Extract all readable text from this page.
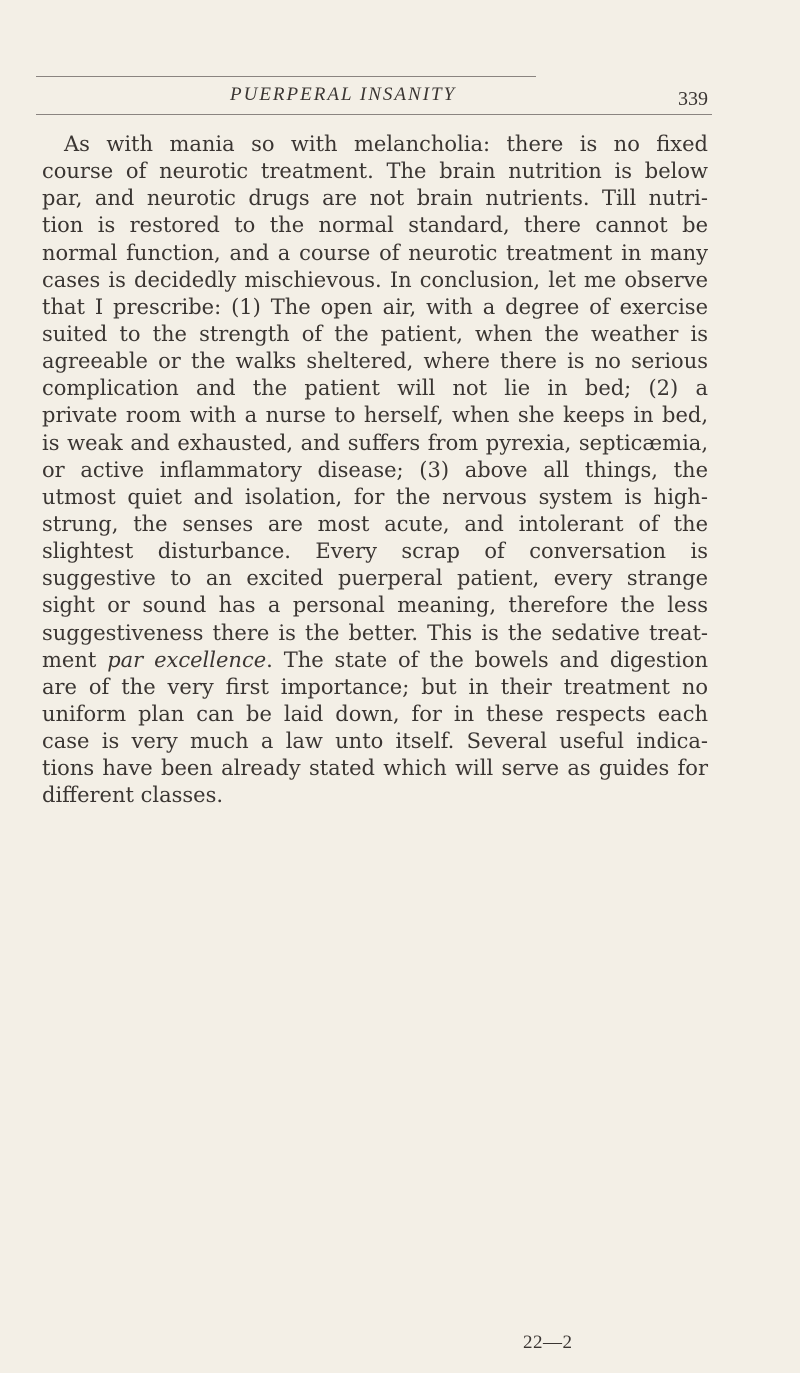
PUERPERAL INSANITY	339
As with mania so with melancholia: there is no fixed
course of neurotic treatment. The brain nutrition is below
par, and neurotic drugs are not brain nutrients. Till nutri-
tion is restored to the normal standard, there cannot be
normal function, and a course of neurotic treatment in many
cases is decidedly mischievous. In conclusion, let me observe
that I prescribe: (1) The open air, with a degree of exercise
suited to the strength of the patient, when the weather is
agreeable or the walks sheltered, where there is no serious
complication and the patient will not lie in bed; (2) a
private room with a nurse to herself, when she keeps in bed,
is weak and exhausted, and suffers from pyrexia, septicæmia,
or active inflammatory disease; (3) above all things, the
utmost quiet and isolation, for the nervous system is high-
strung, the senses are most acute, and intolerant of the
slightest disturbance. Every scrap of conversation is
suggestive to an excited puerperal patient, every strange
sight or sound has a personal meaning, therefore the less
suggestiveness there is the better. This is the sedative treat-
ment par excellence. The state of the bowels and digestion
are of the very first importance; but in their treatment no
uniform plan can be laid down, for in these respects each
case is very much a law unto itself. Several useful indica-
tions have been already stated which will serve as guides for
different classes.
22—2
